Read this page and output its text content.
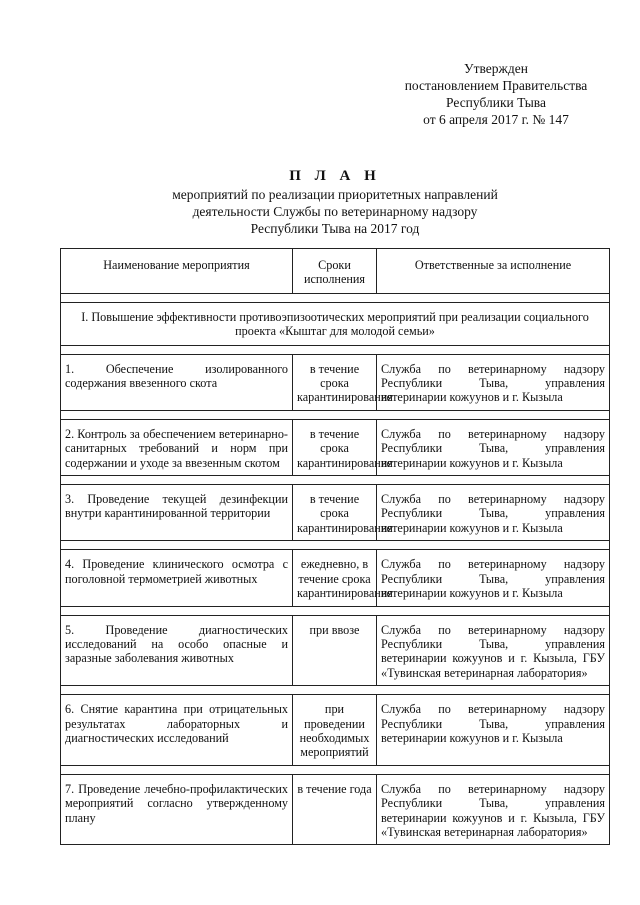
Утвержден
постановлением Правительства
Республики Тыва
от 6 апреля 2017 г. № 147
П Л А Н
мероприятий по реализации приоритетных направлений
деятельности Службы по ветеринарному надзору
Республики Тыва на 2017 год
Наименование мероприятия	Сроки исполнения	Ответственные за исполнение

I. Повышение эффективности противоэпизоотических мероприятий при реализации социального проекта «Кыштаг для молодой семьи»		

1. Обеспечение изолированного содержания ввезенного скота	в течение срока карантинирования	Служба по ветеринарному надзору Республики Тыва, управления ветеринарии кожуунов и г. Кызыла

2. Контроль за обеспечением ветеринарно-санитарных требований и норм при содержании и уходе за ввезенным скотом	в течение срока карантинирования	Служба по ветеринарному надзору Республики Тыва, управления ветеринарии кожуунов и г. Кызыла

3. Проведение текущей дезинфекции внутри карантинированной территории	в течение срока карантинирования	Служба по ветеринарному надзору Республики Тыва, управления ветеринарии кожуунов и г. Кызыла

4. Проведение клинического осмотра с поголовной термометрией животных	ежедневно, в течение срока карантинирования	Служба по ветеринарному надзору Республики Тыва, управления ветеринарии кожуунов и г. Кызыла

5. Проведение диагностических исследований на особо опасные и заразные заболевания животных	при ввозе	Служба по ветеринарному надзору Республики Тыва, управления ветеринарии кожуунов и г. Кызыла, ГБУ «Тувинская ветеринарная лаборатория»

6. Снятие карантина при отрицательных результатах лабораторных и диагностических исследований	при проведении необходимых мероприятий	Служба по ветеринарному надзору Республики Тыва, управления ветеринарии кожуунов и г. Кызыла

7. Проведение лечебно-профилактических мероприятий согласно утвержденному плану	в течение года	Служба по ветеринарному надзору Республики Тыва, управления ветеринарии кожуунов и г. Кызыла, ГБУ «Тувинская ветеринарная лаборатория»
